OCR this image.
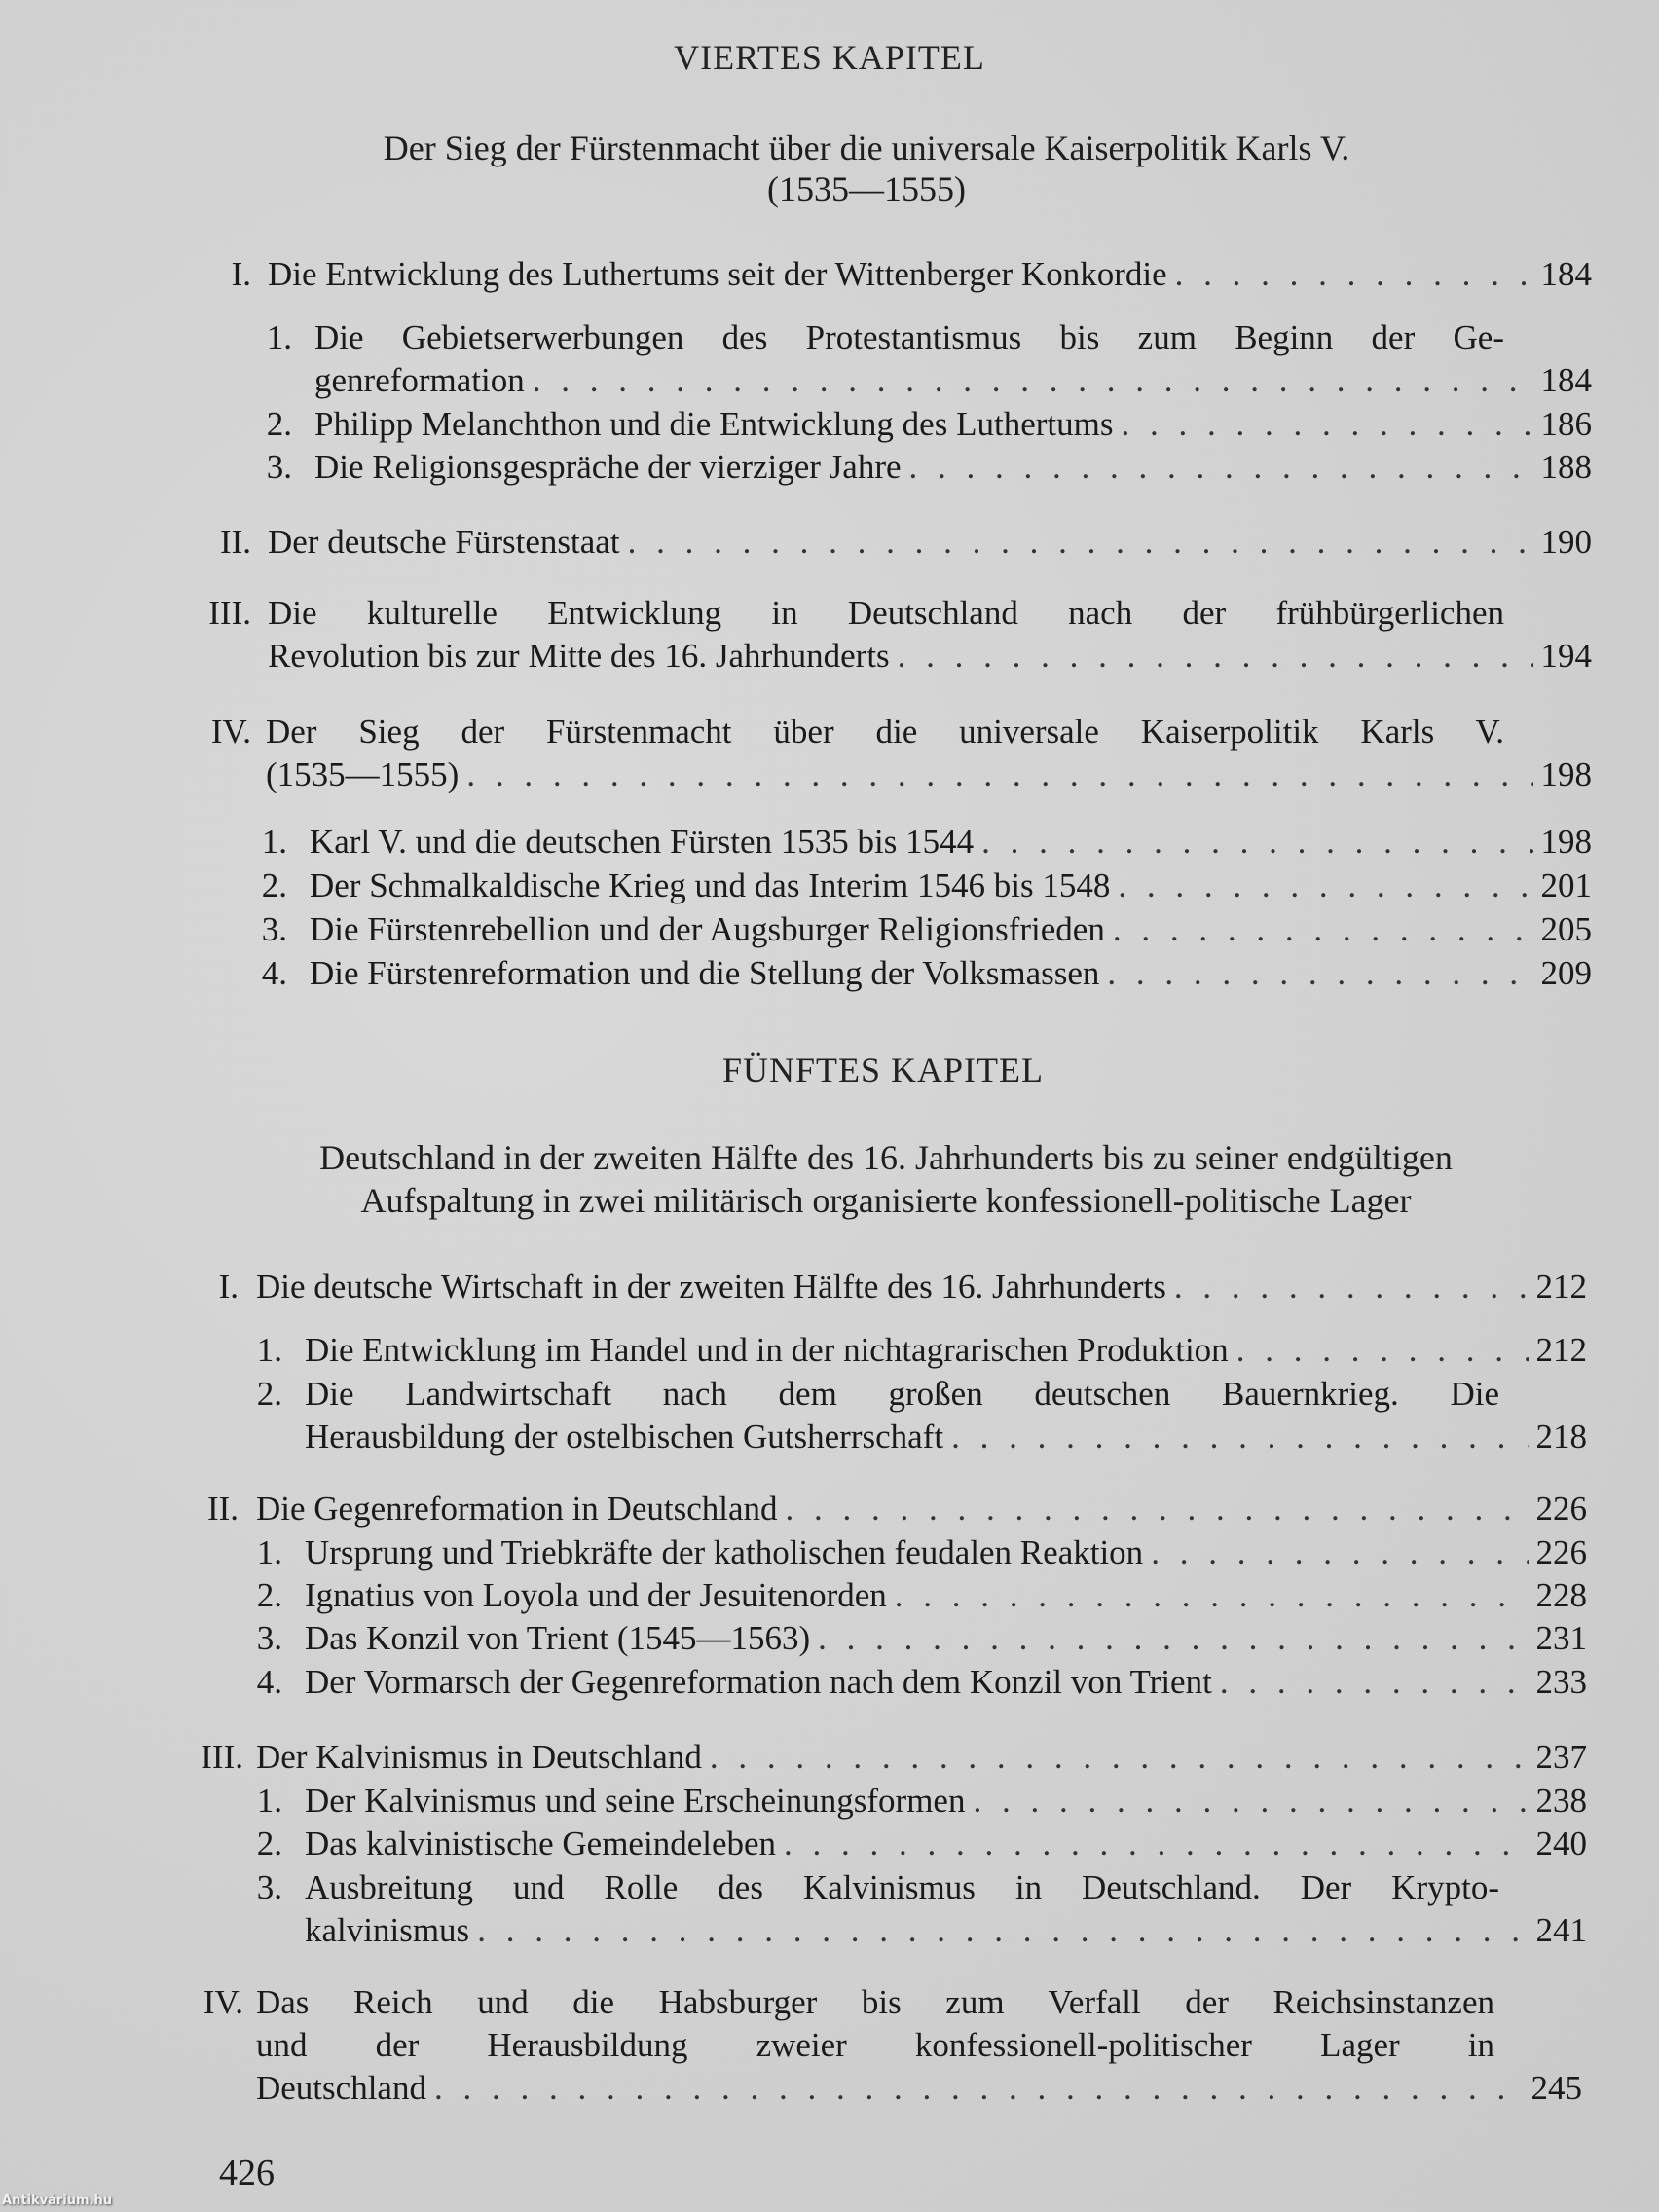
VIERTES KAPITEL
Der Sieg der Fürstenmacht über die universale Kaiserpolitik Karls V.
(1535—1555)
I. Die Entwicklung des Luthertums seit der Wittenberger Konkordie . . .	184
1. Die Gebietserwerbungen des Protestantismus bis zum Beginn der Ge-
genreformation . . .	184
2. Philipp Melanchthon und die Entwicklung des Luthertums . . .	186
3. Die Religionsgespräche der vierziger Jahre . . .	188
II. Der deutsche Fürstenstaat . . .	190
III. Die kulturelle Entwicklung in Deutschland nach der frühbürgerlichen
Revolution bis zur Mitte des 16. Jahrhunderts . . .	194
IV. Der Sieg der Fürstenmacht über die universale Kaiserpolitik Karls V.
(1535—1555) . . .	198
1. Karl V. und die deutschen Fürsten 1535 bis 1544 . . .	198
2. Der Schmalkaldische Krieg und das Interim 1546 bis 1548 . . .	201
3. Die Fürstenrebellion und der Augsburger Religionsfrieden . . .	205
4. Die Fürstenreformation und die Stellung der Volksmassen . . .	209
FÜNFTES KAPITEL
Deutschland in der zweiten Hälfte des 16. Jahrhunderts bis zu seiner endgültigen
Aufspaltung in zwei militärisch organisierte konfessionell-politische Lager
I. Die deutsche Wirtschaft in der zweiten Hälfte des 16. Jahrhunderts . . .	212
1. Die Entwicklung im Handel und in der nichtagrarischen Produktion . . .	212
2. Die Landwirtschaft nach dem großen deutschen Bauernkrieg. Die
Herausbildung der ostelbischen Gutsherrschaft . . .	218
II. Die Gegenreformation in Deutschland . . .	226
1. Ursprung und Triebkräfte der katholischen feudalen Reaktion . . .	226
2. Ignatius von Loyola und der Jesuitenorden . . .	228
3. Das Konzil von Trient (1545—1563) . . .	231
4. Der Vormarsch der Gegenreformation nach dem Konzil von Trient . . .	233
III. Der Kalvinismus in Deutschland . . .	237
1. Der Kalvinismus und seine Erscheinungsformen . . .	238
2. Das kalvinistische Gemeindeleben . . .	240
3. Ausbreitung und Rolle des Kalvinismus in Deutschland. Der Krypto-
kalvinismus . . .	241
IV. Das Reich und die Habsburger bis zum Verfall der Reichsinstanzen
und der Herausbildung zweier konfessionell-politischer Lager in
Deutschland . . .	245
426
Antikvárium.hu
